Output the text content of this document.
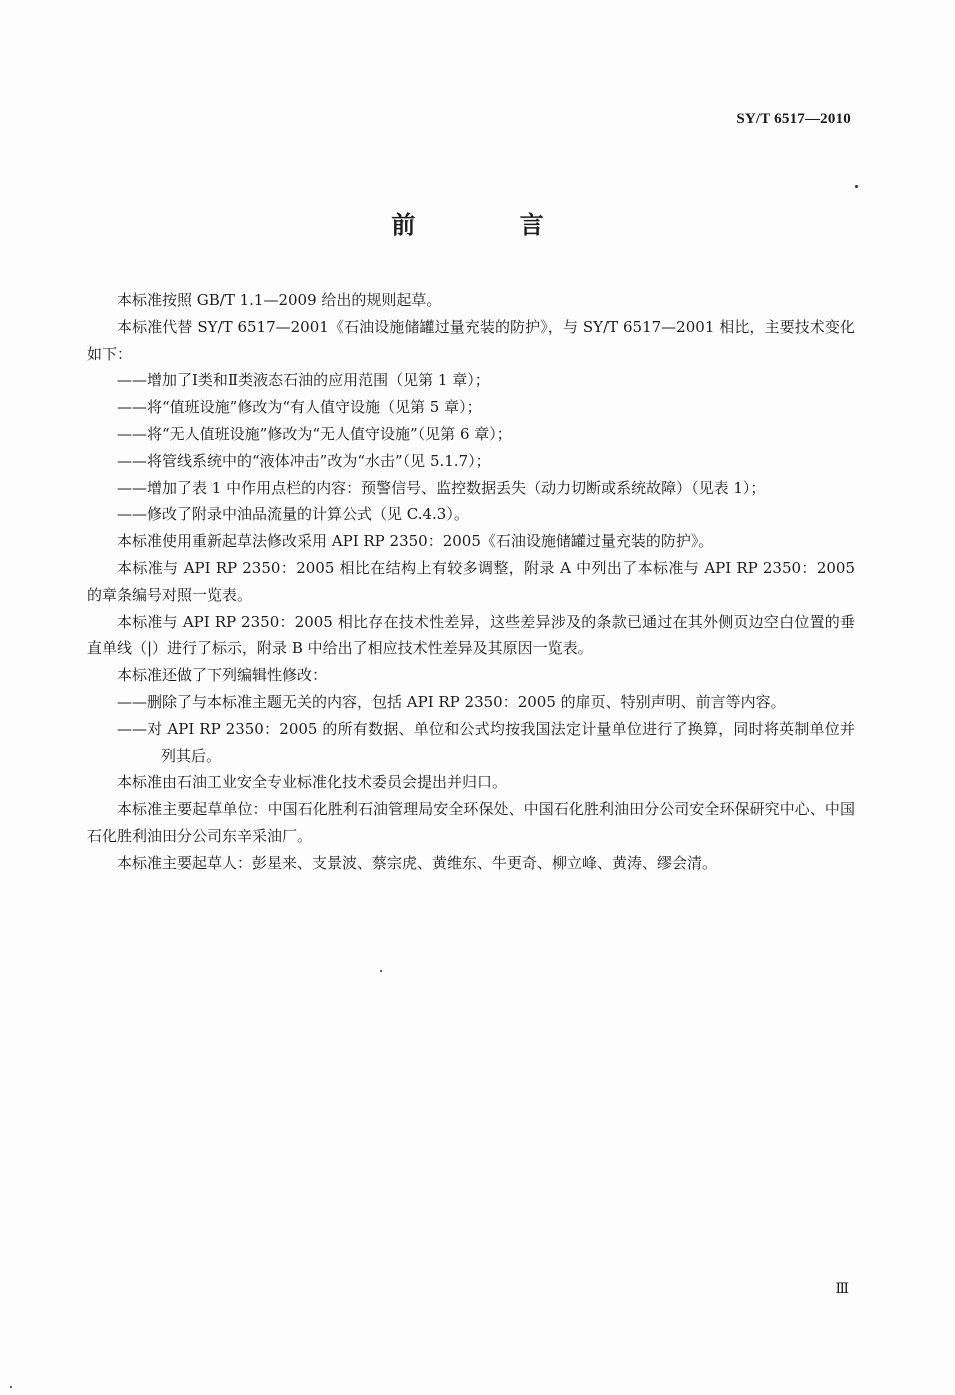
SY/T 6517—2010
前 言

本标准按照 GB/T 1.1—2009 给出的规则起草。

本标准代替 SY/T 6517—2001《石油设施储罐过量充装的防护》，与 SY/T 6517—2001 相比，主要技术变化如下：

——增加了Ⅰ类和Ⅱ类液态石油的应用范围（见第 1 章）；

——将“值班设施”修改为“有人值守设施（见第 5 章）；

——将“无人值班设施”修改为“无人值守设施”（见第 6 章）；

——将管线系统中的“液体冲击”改为“水击”（见 5.1.7）；

——增加了表 1 中作用点栏的内容：预警信号、监控数据丢失（动力切断或系统故障）（见表 1）；

——修改了附录中油品流量的计算公式（见 C.4.3）。

本标准使用重新起草法修改采用 API RP 2350：2005《石油设施储罐过量充装的防护》。

本标准与 API RP 2350：2005 相比在结构上有较多调整，附录 A 中列出了本标准与 API RP 2350：2005 的章条编号对照一览表。

本标准与 API RP 2350：2005 相比存在技术性差异，这些差异涉及的条款已通过在其外侧页边空白位置的垂直单线（|）进行了标示，附录 B 中给出了相应技术性差异及其原因一览表。

本标准还做了下列编辑性修改：

——删除了与本标准主题无关的内容，包括 API RP 2350：2005 的扉页、特别声明、前言等内容。

——对 API RP 2350：2005 的所有数据、单位和公式均按我国法定计量单位进行了换算，同时将英制单位并列其后。

本标准由石油工业安全专业标准化技术委员会提出并归口。

本标准主要起草单位：中国石化胜利石油管理局安全环保处、中国石化胜利油田分公司安全环保研究中心、中国石化胜利油田分公司东辛采油厂。

本标准主要起草人：彭星来、支景波、蔡宗虎、黄维东、牛更奇、柳立峰、黄涛、缪会清。

Ⅲ
